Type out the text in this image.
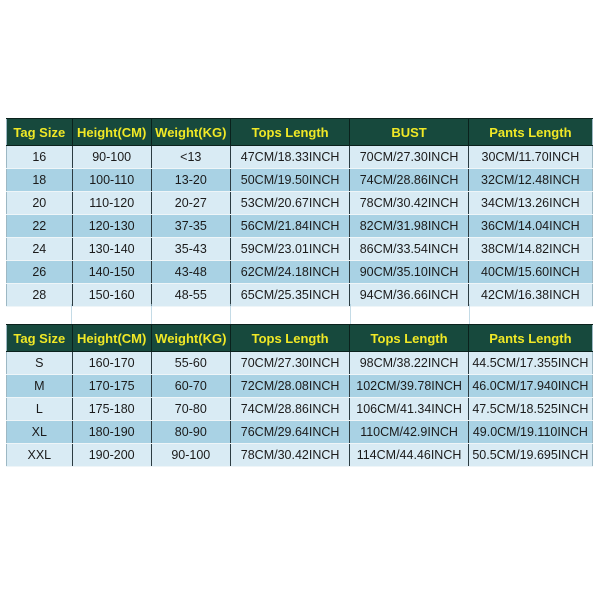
Tag Size	Height(CM)	Weight(KG)	Tops Length	BUST	Pants Length
16	90-100	<13	47CM/18.33INCH	70CM/27.30INCH	30CM/11.70INCH
18	100-110	13-20	50CM/19.50INCH	74CM/28.86INCH	32CM/12.48INCH
20	110-120	20-27	53CM/20.67INCH	78CM/30.42INCH	34CM/13.26INCH
22	120-130	37-35	56CM/21.84INCH	82CM/31.98INCH	36CM/14.04INCH
24	130-140	35-43	59CM/23.01INCH	86CM/33.54INCH	38CM/14.82INCH
26	140-150	43-48	62CM/24.18INCH	90CM/35.10INCH	40CM/15.60INCH
28	150-160	48-55	65CM/25.35INCH	94CM/36.66INCH	42CM/16.38INCH
Tag Size	Height(CM)	Weight(KG)	Tops Length	Tops Length	Pants Length
S	160-170	55-60	70CM/27.30INCH	98CM/38.22INCH	44.5CM/17.355INCH
M	170-175	60-70	72CM/28.08INCH	102CM/39.78INCH	46.0CM/17.940INCH
L	175-180	70-80	74CM/28.86INCH	106CM/41.34INCH	47.5CM/18.525INCH
XL	180-190	80-90	76CM/29.64INCH	110CM/42.9INCH	49.0CM/19.110INCH
XXL	190-200	90-100	78CM/30.42INCH	114CM/44.46INCH	50.5CM/19.695INCH
